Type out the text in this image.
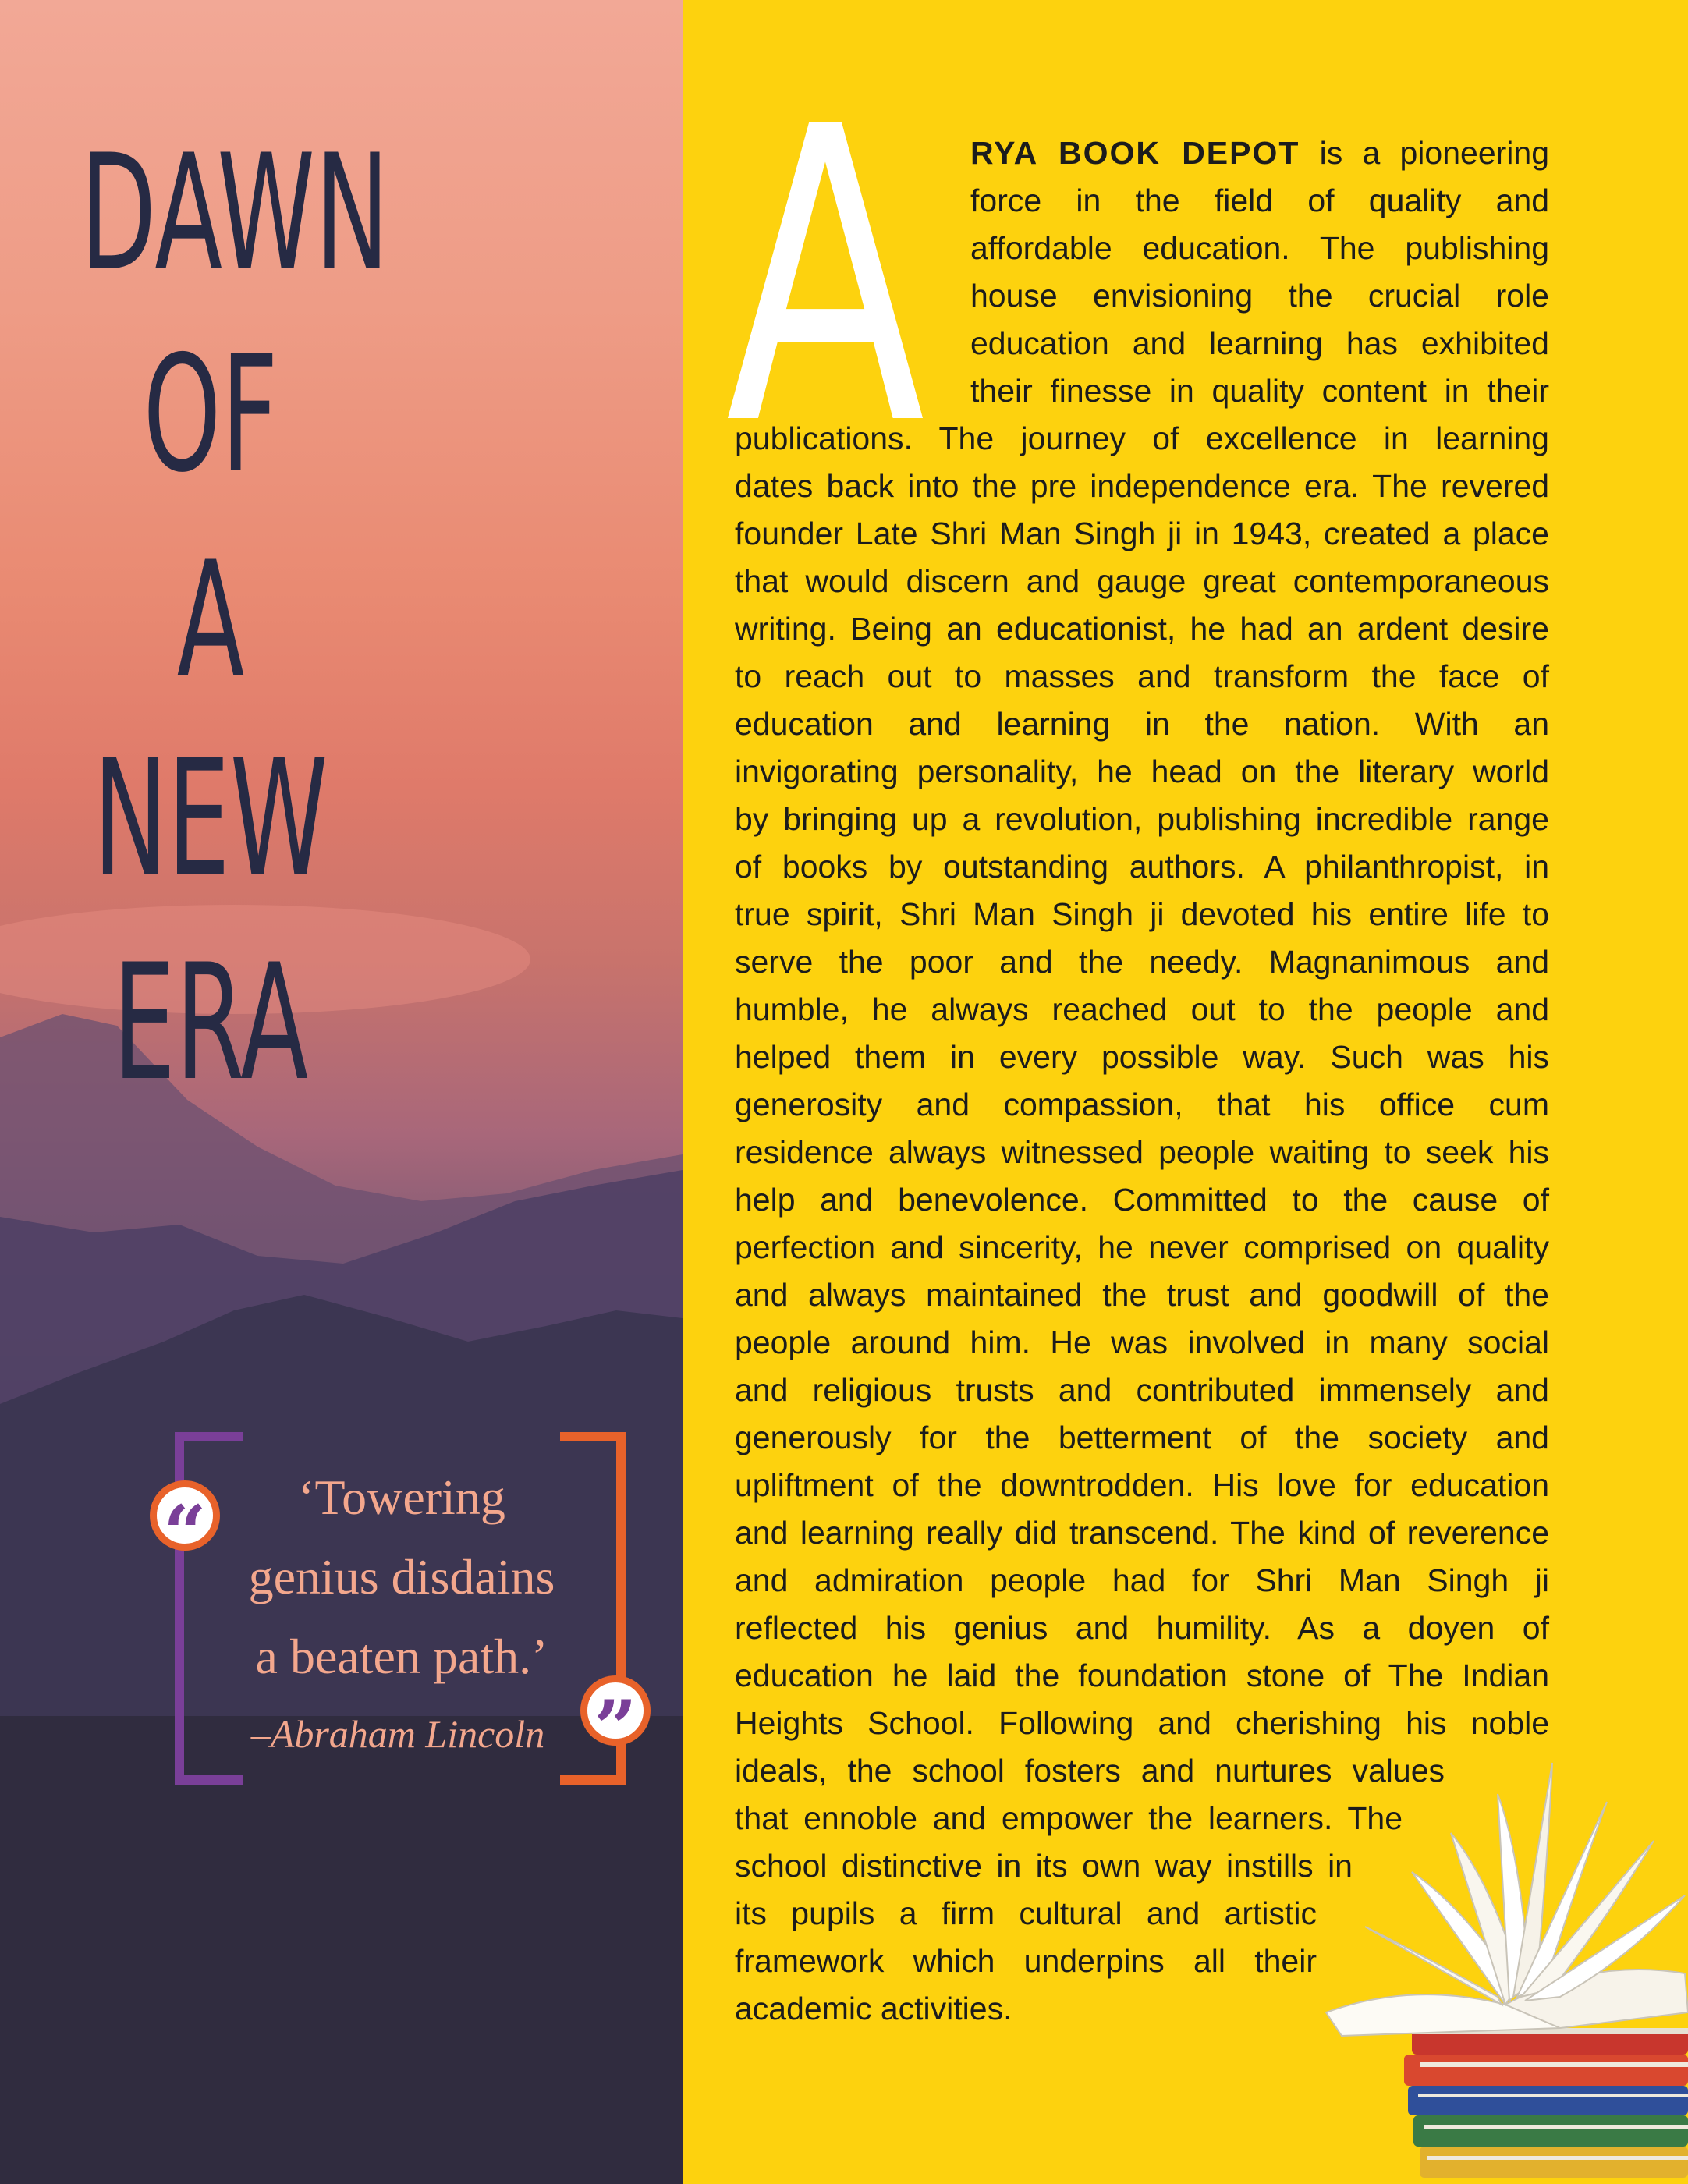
DAWN
OF
A
NEW
ERA
“
”
‘Towering
genius disdains
a beaten path.’
–Abraham Lincoln
A RYA BOOK DEPOT is a pioneering
force in the field of quality and
affordable education. The publishing
house envisioning the crucial role
education and learning has exhibited
their finesse in quality content in their
publications. The journey of excellence in learning
dates back into the pre independence era. The revered
founder Late Shri Man Singh ji in 1943, created a place
that would discern and gauge great contemporaneous
writing. Being an educationist, he had an ardent desire
to reach out to masses and transform the face of
education and learning in the nation. With an
invigorating personality, he head on the literary world
by bringing up a revolution, publishing incredible range
of books by outstanding authors. A philanthropist, in
true spirit, Shri Man Singh ji devoted his entire life to
serve the poor and the needy. Magnanimous and
humble, he always reached out to the people and
helped them in every possible way. Such was his
generosity and compassion, that his office cum
residence always witnessed people waiting to seek his
help and benevolence. Committed to the cause of
perfection and sincerity, he never comprised on quality
and always maintained the trust and goodwill of the
people around him. He was involved in many social
and religious trusts and contributed immensely and
generously for the betterment of the society and
upliftment of the downtrodden. His love for education
and learning really did transcend. The kind of reverence
and admiration people had for Shri Man Singh ji
reflected his genius and humility. As a doyen of
education he laid the foundation stone of The Indian
Heights School. Following and cherishing his noble
ideals, the school fosters and nurtures values
that ennoble and empower the learners. The
school distinctive in its own way instills in
its pupils a firm cultural and artistic
framework which underpins all their
academic activities.
